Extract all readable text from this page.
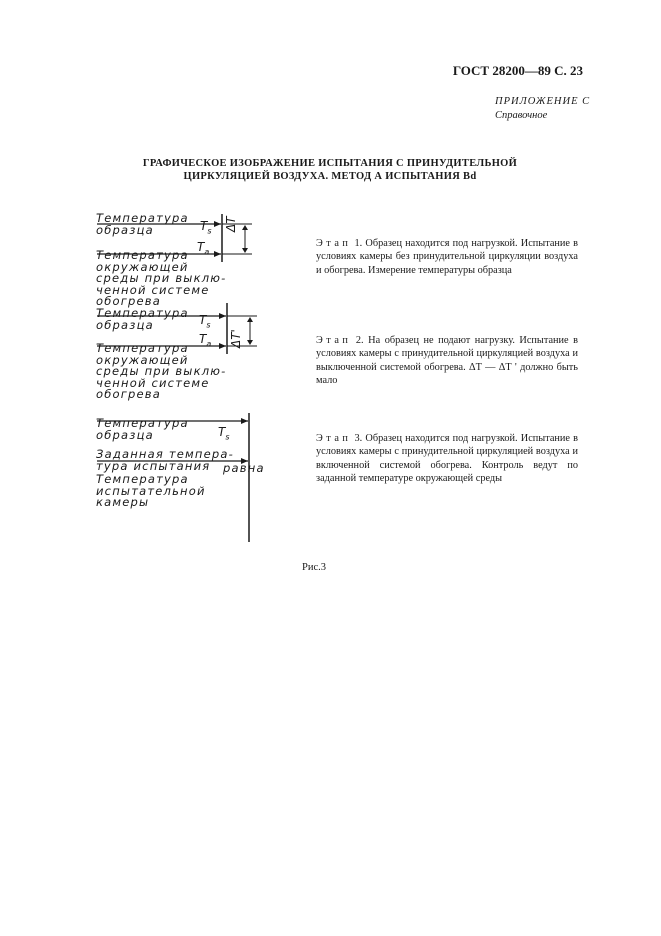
ГОСТ 28200—89 С. 23
ПРИЛОЖЕНИЕ С
Справочное
ГРАФИЧЕСКОЕ ИЗОБРАЖЕНИЕ ИСПЫТАНИЯ С ПРИНУДИТЕЛЬНОЙ
ЦИРКУЛЯЦИЕЙ ВОЗДУХА. МЕТОД А ИСПЫТАНИЯ Bd
Температура
образца
Температура
окружающей
среды при выклю-
ченной системе
обогрева
$T_s$
$T_a$
ΔT
Температура
образца
Температура
окружающей
среды при выклю-
ченной системе
обогрева
$T_s$
$T_a$ ΔT'
Температура
образца
Заданная темпера-
тура испытания	равна
Температура
испытательной
камеры
$T_s$
Этап 1. Образец находится под нагрузкой. Испытание в условиях камеры без принудительной циркуляции воздуха и обогрева. Измерение температуры образца
Этап 2. На образец не подают нагрузку. Испытание в условиях камеры с принудительной циркуляцией воздуха и выключенной системой обогрева. ΔT — ΔT ' должно быть мало
Этап 3. Образец находится под нагрузкой. Испытание в условиях камеры с принудительной циркуляцией воздуха и включенной системой обогрева. Контроль ведут по заданной температуре окружающей среды
Рис.3
